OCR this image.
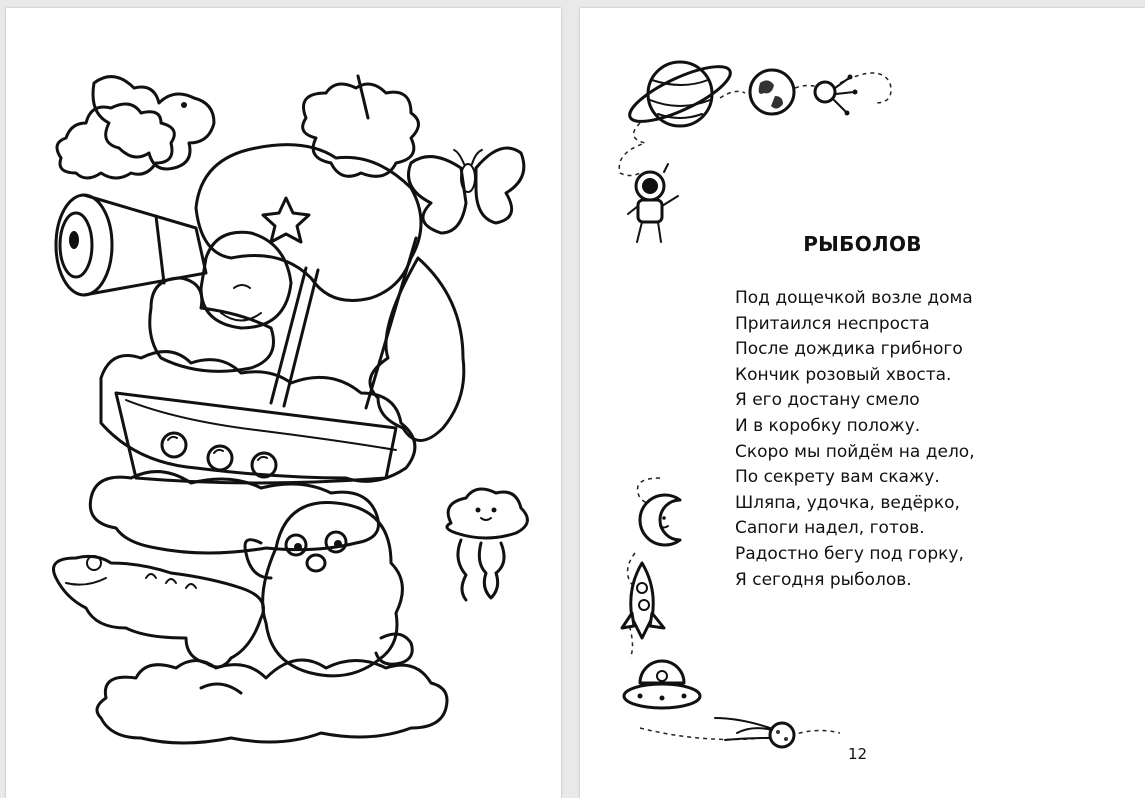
РЫБОЛОВ
Под дощечкой возле дома
Притаился неспроста
После дождика грибного
Кончик розовый хвоста.
Я его достану смело
И в коробку положу.
Скоро мы пойдём на дело,
По секрету вам скажу.
Шляпа, удочка, ведёрко,
Сапоги надел, готов.
Радостно бегу под горку,
Я сегодня рыболов.
12
